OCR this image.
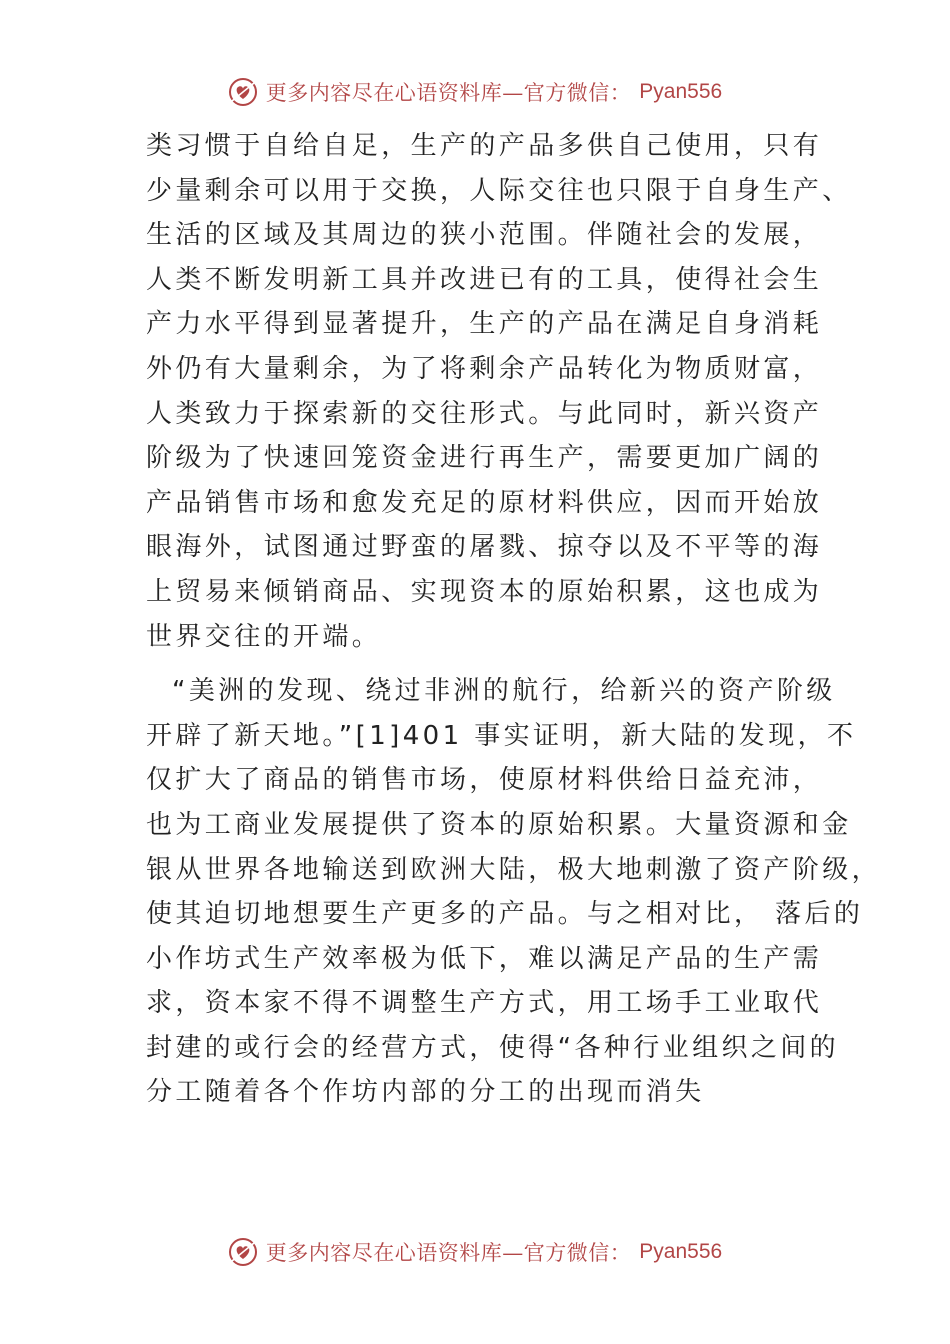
更多内容尽在心语资料库—官方微信： Pyan556

类习惯于自给自足，生产的产品多供自己使用，只有
少量剩余可以用于交换，人际交往也只限于自身生产、
生活的区域及其周边的狭小范围。伴随社会的发展，
人类不断发明新工具并改进已有的工具，使得社会生
产力水平得到显著提升，生产的产品在满足自身消耗
外仍有大量剩余，为了将剩余产品转化为物质财富，
人类致力于探索新的交往形式。与此同时，新兴资产
阶级为了快速回笼资金进行再生产，需要更加广阔的
产品销售市场和愈发充足的原材料供应，因而开始放
眼海外，试图通过野蛮的屠戮、掠夺以及不平等的海
上贸易来倾销商品、实现资本的原始积累，这也成为
世界交往的开端。

“美洲的发现、绕过非洲的航行，给新兴的资产阶级
开辟了新天地。”[1]401 事实证明，新大陆的发现，不
仅扩大了商品的销售市场，使原材料供给日益充沛，
也为工商业发展提供了资本的原始积累。大量资源和金
银从世界各地输送到欧洲大陆，极大地刺激了资产阶级，
使其迫切地想要生产更多的产品。与之相对比， 落后的
小作坊式生产效率极为低下，难以满足产品的生产需
求，资本家不得不调整生产方式，用工场手工业取代
封建的或行会的经营方式，使得“各种行业组织之间的
分工随着各个作坊内部的分工的出现而消失

更多内容尽在心语资料库—官方微信： Pyan556
